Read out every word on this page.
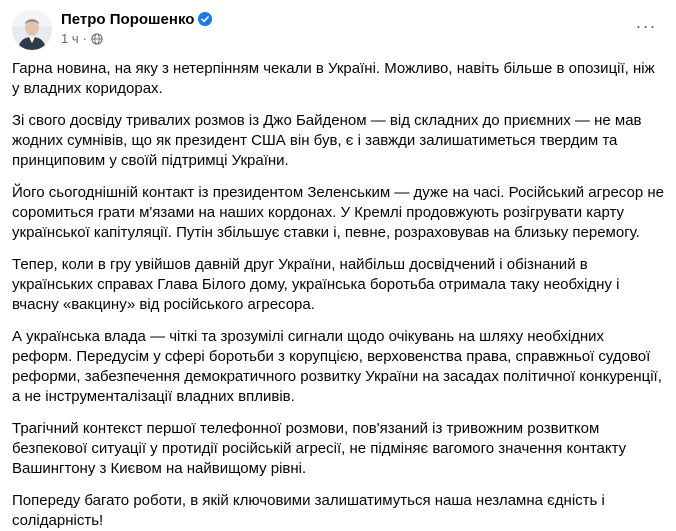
Петро Порошенко
1 ч ·
···

Гарна новина, на яку з нетерпінням чекали в Україні. Можливо, навіть більше в опозиції, ніж у владних коридорах.

Зі свого досвіду тривалих розмов із Джо Байденом — від складних до приємних — не мав жодних сумнівів, що як президент США він був, є і завжди залишатиметься твердим та принциповим у своїй підтримці України.

Його сьогоднішній контакт із президентом Зеленським — дуже на часі. Російський агресор не соромиться грати м'язами на наших кордонах. У Кремлі продовжують розігрувати карту української капітуляції. Путін збільшує ставки і, певне, розраховував на близьку перемогу.

Тепер, коли в гру увійшов давній друг України, найбільш досвідчений і обізнаний в українських справах Глава Білого дому, українська боротьба отримала таку необхідну і вчасну «вакцину» від російського агресора.

А українська влада — чіткі та зрозумілі сигнали щодо очікувань на шляху необхідних реформ. Передусім у сфері боротьби з корупцією, верховенства права, справжньої судової реформи, забезпечення демократичного розвитку України на засадах політичної конкуренції, а не інструменталізації владних впливів.

Трагічний контекст першої телефонної розмови, пов'язаний із тривожним розвитком безпекової ситуації у протидії російській агресії, не підміняє вагомого значення контакту Вашингтону з Києвом на найвищому рівні.

Попереду багато роботи, в якій ключовими залишатимуться наша незламна єдність і солідарність!
